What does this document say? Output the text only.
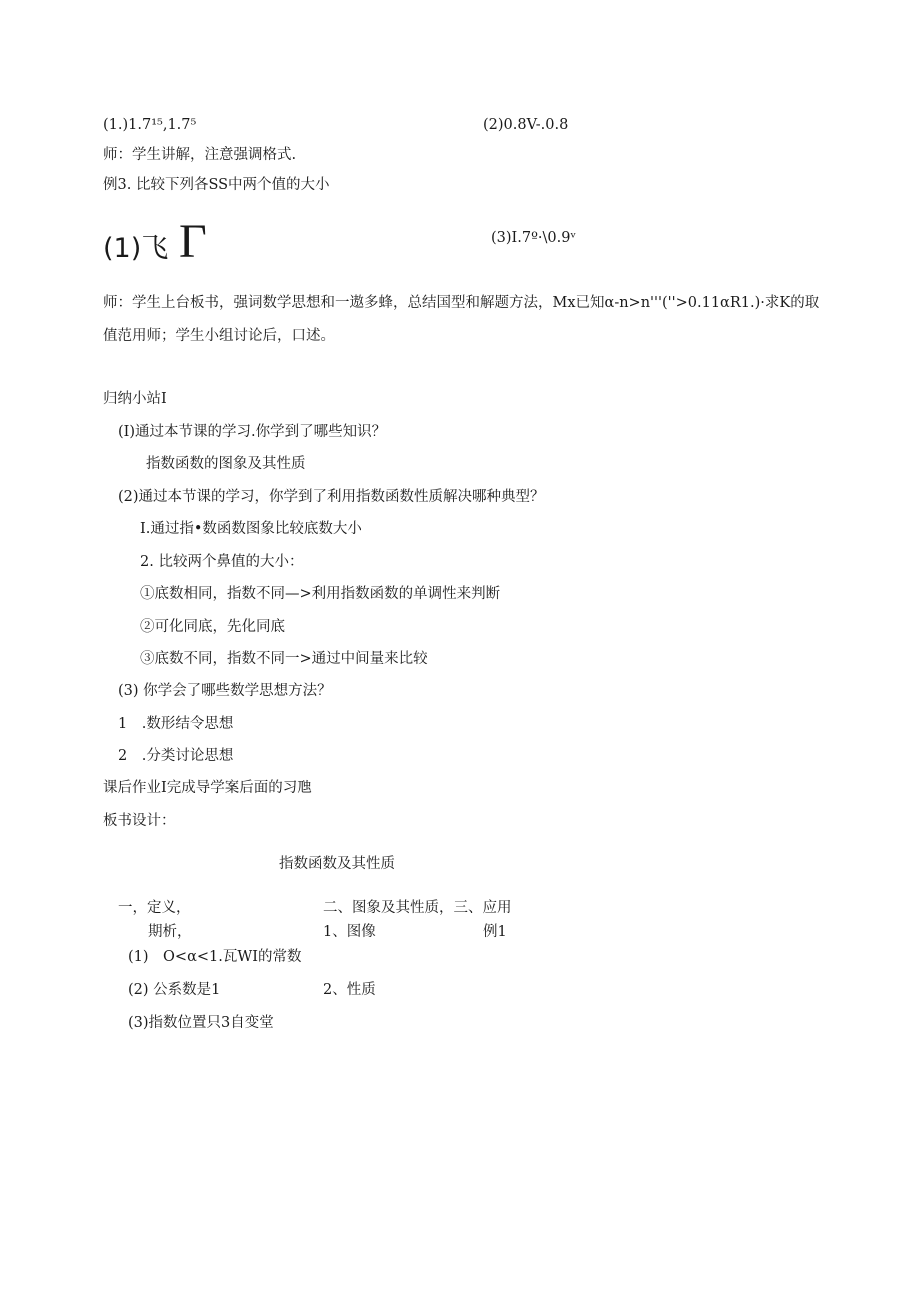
(1.)1.7¹⁵,1.7⁵	(2)0.8V-.0.8
师：学生讲解，注意强调格式.
例3. 比较下列各SS中两个值的大小
(1)飞 Γ	(3)I.7º·\0.9ᵛ
师：学生上台板书，强词数学思想和一遨多蜂，总结国型和解题方法，Mx已知α-n>n'''(''>0.11αR1.)·求K的取
值范用师；学生小组讨论后，口述。
归纳小站I
(I)通过本节课的学习.你学到了哪些知识？
指数函数的图象及其性质
(2)通过本节课的学习，你学到了利用指数函数性质解决哪种典型？
I.通过指•数函数图象比较底数大小
2. 比较两个鼻值的大小：
①底数相同，指数不同—>利用指数函数的单调性来判断
②可化同底，先化同底
③底数不同，指数不同一>通过中间量来比较
(3) 你学会了哪些数学思想方法？
1　.数形结令思想
2　.分类讨论思想
课后作业I完成导学案后面的习虺
板书设计：
指数函数及其性质
一，定义，	二、图象及其性质，三、应用
期析，	1、图像	例1
(1)　O<α<1.瓦WI的常数
(2) 公系数是1	2、性质
(3)指数位置只3自变堂
